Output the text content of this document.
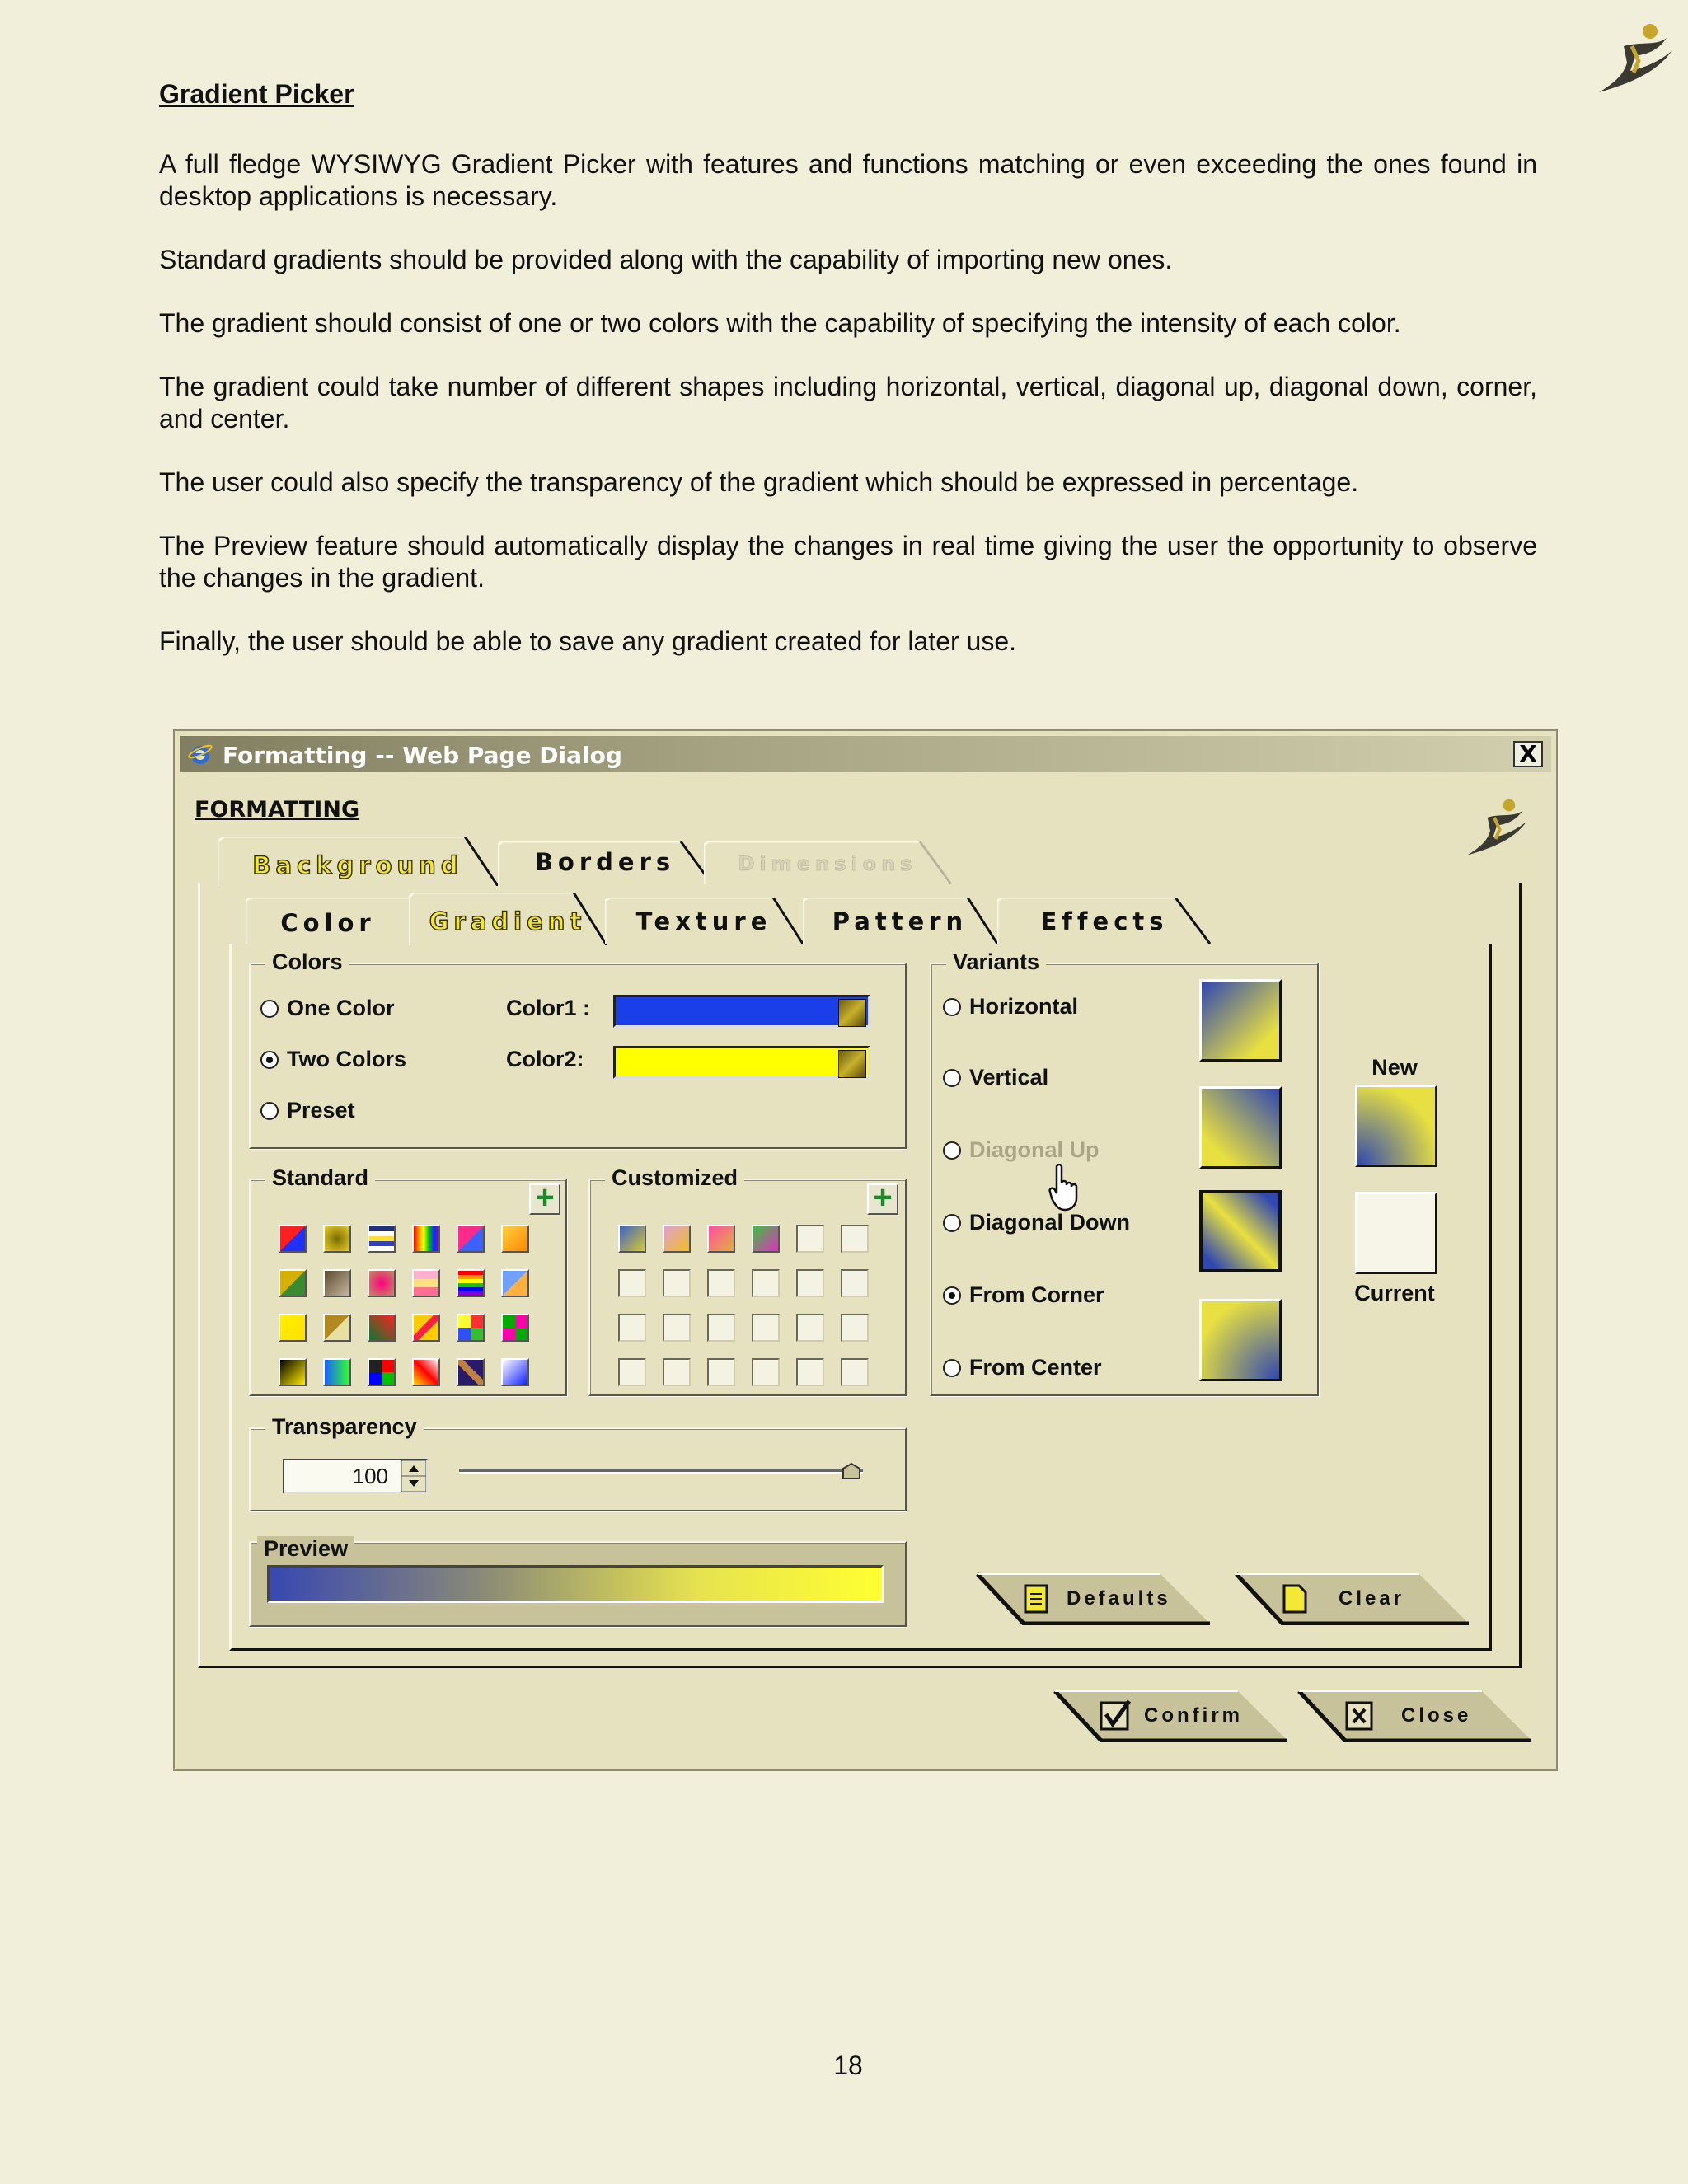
Gradient Picker
A full fledge WYSIWYG Gradient Picker with features and functions matching or even exceeding the ones found in desktop applications is necessary.
Standard gradients should be provided along with the capability of importing new ones.
The gradient should consist of one or two colors with the capability of specifying the intensity of each color.
The gradient could take number of different shapes including horizontal, vertical, diagonal up, diagonal down, corner, and center.
The user could also specify the transparency of the gradient which should be expressed in percentage.
The Preview feature should automatically display the changes in real time giving the user the opportunity to observe the changes in the gradient.
Finally, the user should be able to save any gradient created for later use.
18
Formatting -- Web Page Dialog	X
FORMATTING
Background	Borders	$_{Dimensions}$
Color	Gradient	Texture	Pattern	Effects
Colors
One Color
Two Colors
Preset
Color1 :
Color2:
Standard
+
Customized
+
Variants
Horizontal
Vertical
Diagonal Up
Diagonal Down
From Corner
From Center
New
Current
Transparency
100
Preview
Defaults	Clear
Confirm	Close
